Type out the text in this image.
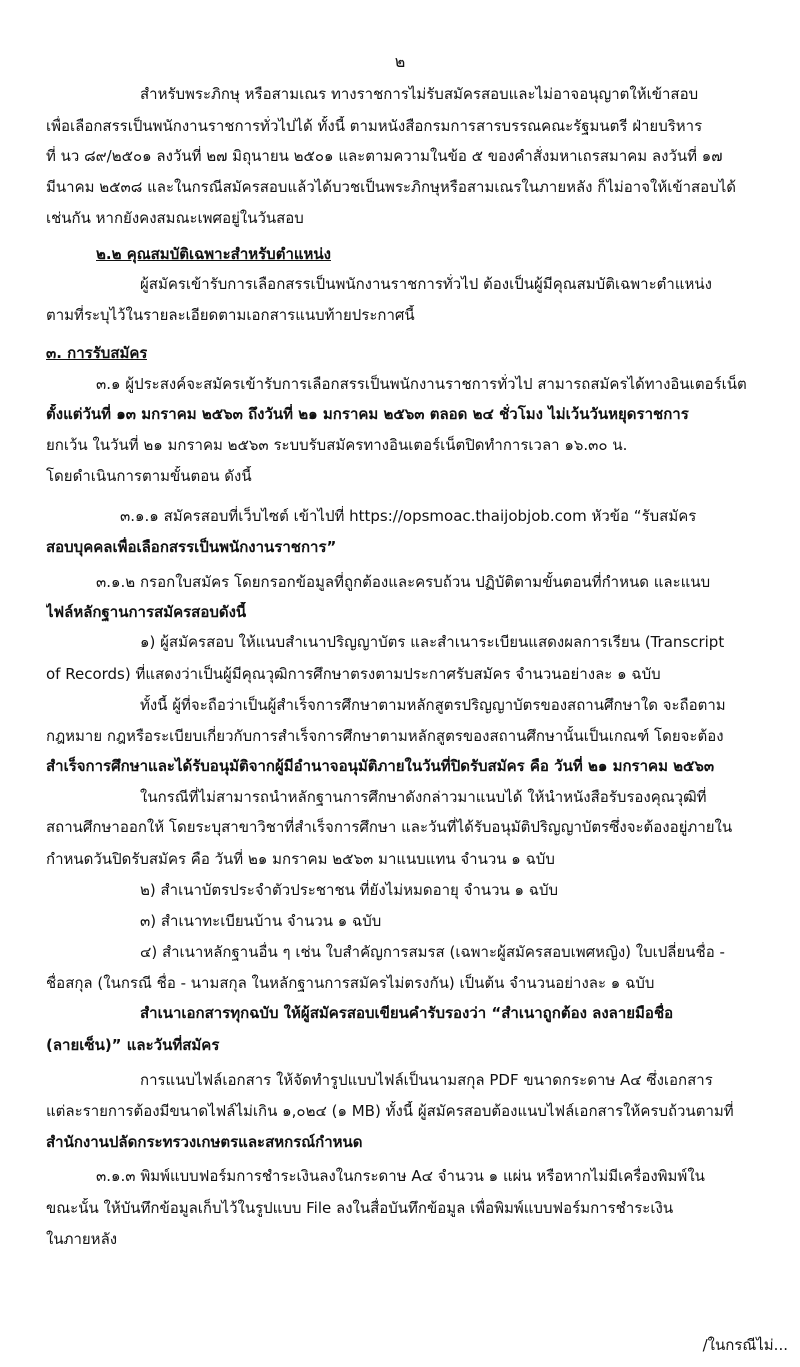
๒
สำหรับพระภิกษุ หรือสามเณร ทางราชการไม่รับสมัครสอบและไม่อาจอนุญาตให้เข้าสอบ
เพื่อเลือกสรรเป็นพนักงานราชการทั่วไปได้ ทั้งนี้ ตามหนังสือกรมการสารบรรณคณะรัฐมนตรี ฝ่ายบริหาร
ที่ นว ๘๙/๒๕๐๑ ลงวันที่ ๒๗ มิถุนายน ๒๕๐๑ และตามความในข้อ ๕ ของคำสั่งมหาเถรสมาคม ลงวันที่ ๑๗
มีนาคม ๒๕๓๘ และในกรณีสมัครสอบแล้วได้บวชเป็นพระภิกษุหรือสามเณรในภายหลัง ก็ไม่อาจให้เข้าสอบได้
เช่นกัน หากยังคงสมณะเพศอยู่ในวันสอบ
๒.๒ คุณสมบัติเฉพาะสำหรับตำแหน่ง
ผู้สมัครเข้ารับการเลือกสรรเป็นพนักงานราชการทั่วไป ต้องเป็นผู้มีคุณสมบัติเฉพาะตำแหน่ง
ตามที่ระบุไว้ในรายละเอียดตามเอกสารแนบท้ายประกาศนี้
๓. การรับสมัคร
๓.๑ ผู้ประสงค์จะสมัครเข้ารับการเลือกสรรเป็นพนักงานราชการทั่วไป สามารถสมัครได้ทางอินเตอร์เน็ต
ตั้งแต่วันที่ ๑๓ มกราคม ๒๕๖๓ ถึงวันที่ ๒๑ มกราคม ๒๕๖๓ ตลอด ๒๔ ชั่วโมง ไม่เว้นวันหยุดราชการ
ยกเว้น ในวันที่ ๒๑ มกราคม ๒๕๖๓ ระบบรับสมัครทางอินเตอร์เน็ตปิดทำการเวลา ๑๖.๓๐ น.
โดยดำเนินการตามขั้นตอน ดังนี้
๓.๑.๑ สมัครสอบที่เว็บไซต์ เข้าไปที่ https://opsmoac.thaijobjob.com หัวข้อ “รับสมัคร
สอบบุคคลเพื่อเลือกสรรเป็นพนักงานราชการ”
๓.๑.๒ กรอกใบสมัคร โดยกรอกข้อมูลที่ถูกต้องและครบถ้วน ปฏิบัติตามขั้นตอนที่กำหนด และแนบ
ไฟล์หลักฐานการสมัครสอบดังนี้
๑) ผู้สมัครสอบ ให้แนบสำเนาปริญญาบัตร และสำเนาระเบียนแสดงผลการเรียน (Transcript
of Records) ที่แสดงว่าเป็นผู้มีคุณวุฒิการศึกษาตรงตามประกาศรับสมัคร จำนวนอย่างละ ๑ ฉบับ
ทั้งนี้ ผู้ที่จะถือว่าเป็นผู้สำเร็จการศึกษาตามหลักสูตรปริญญาบัตรของสถานศึกษาใด จะถือตาม
กฎหมาย กฎหรือระเบียบเกี่ยวกับการสำเร็จการศึกษาตามหลักสูตรของสถานศึกษานั้นเป็นเกณฑ์ โดยจะต้อง
สำเร็จการศึกษาและได้รับอนุมัติจากผู้มีอำนาจอนุมัติภายในวันที่ปิดรับสมัคร คือ วันที่ ๒๑ มกราคม ๒๕๖๓
ในกรณีที่ไม่สามารถนำหลักฐานการศึกษาดังกล่าวมาแนบได้ ให้นำหนังสือรับรองคุณวุฒิที่
สถานศึกษาออกให้ โดยระบุสาขาวิชาที่สำเร็จการศึกษา และวันที่ได้รับอนุมัติปริญญาบัตรซึ่งจะต้องอยู่ภายใน
กำหนดวันปิดรับสมัคร คือ วันที่ ๒๑ มกราคม ๒๕๖๓ มาแนบแทน จำนวน ๑ ฉบับ
๒) สำเนาบัตรประจำตัวประชาชน ที่ยังไม่หมดอายุ จำนวน ๑ ฉบับ
๓) สำเนาทะเบียนบ้าน จำนวน ๑ ฉบับ
๔) สำเนาหลักฐานอื่น ๆ เช่น ใบสำคัญการสมรส (เฉพาะผู้สมัครสอบเพศหญิง) ใบเปลี่ยนชื่อ -
ชื่อสกุล (ในกรณี ชื่อ - นามสกุล ในหลักฐานการสมัครไม่ตรงกัน) เป็นต้น จำนวนอย่างละ ๑ ฉบับ
สำเนาเอกสารทุกฉบับ ให้ผู้สมัครสอบเขียนคำรับรองว่า “สำเนาถูกต้อง ลงลายมือชื่อ
(ลายเซ็น)” และวันที่สมัคร
การแนบไฟล์เอกสาร ให้จัดทำรูปแบบไฟล์เป็นนามสกุล PDF ขนาดกระดาษ A๔ ซึ่งเอกสาร
แต่ละรายการต้องมีขนาดไฟล์ไม่เกิน ๑,๐๒๔ (๑ MB) ทั้งนี้ ผู้สมัครสอบต้องแนบไฟล์เอกสารให้ครบถ้วนตามที่
สำนักงานปลัดกระทรวงเกษตรและสหกรณ์กำหนด
๓.๑.๓ พิมพ์แบบฟอร์มการชำระเงินลงในกระดาษ A๔ จำนวน ๑ แผ่น หรือหากไม่มีเครื่องพิมพ์ใน
ขณะนั้น ให้บันทึกข้อมูลเก็บไว้ในรูปแบบ File ลงในสื่อบันทึกข้อมูล เพื่อพิมพ์แบบฟอร์มการชำระเงิน
ในภายหลัง
/ในกรณีไม่...
